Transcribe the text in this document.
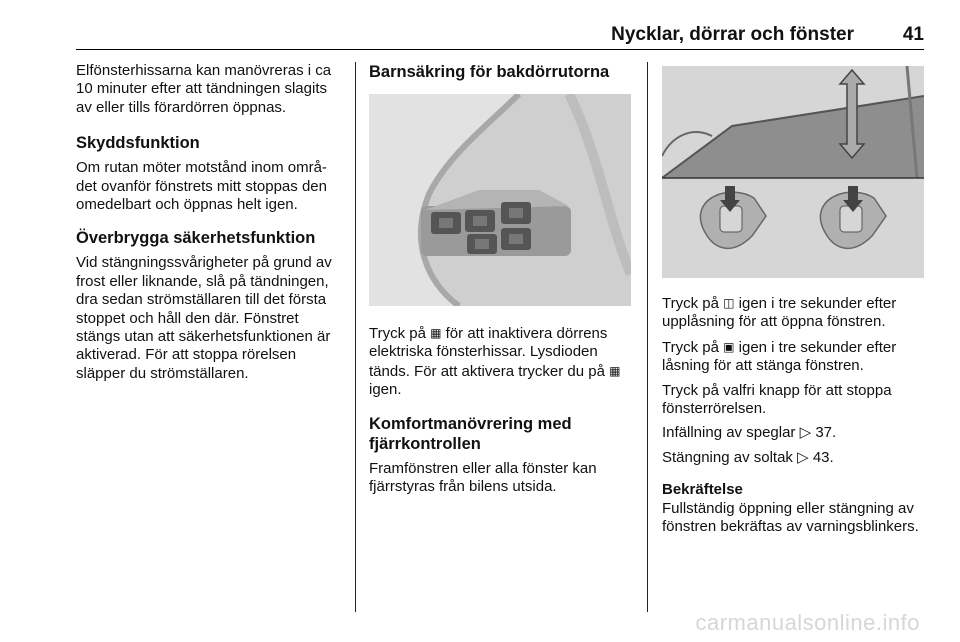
Nycklar, dörrar och fönster	41

Elfönsterhissarna kan manövreras i ca 10 minuter efter att tändningen slagits av eller tills förardörren öppnas.

Skyddsfunktion

Om rutan möter motstånd inom området ovanför fönstrets mitt stoppas den omedelbart och öppnas helt igen.

Överbrygga säkerhetsfunktion

Vid stängningssvårigheter på grund av frost eller liknande, slå på tändningen, dra sedan strömställaren till det första stoppet och håll den där. Fönstret stängs utan att säkerhetsfunktionen är aktiverad. För att stoppa rörelsen släpper du strömställaren.

Barnsäkring för bakdörrutorna

Tryck på ▦ för att inaktivera dörrens elektriska fönsterhissar. Lysdioden tänds. För att aktivera trycker du på ▦ igen.

Komfortmanövrering med fjärrkontrollen

Framfönstren eller alla fönster kan fjärrstyras från bilens utsida.

Tryck på ◫ igen i tre sekunder efter upplåsning för att öppna fönstren.

Tryck på ▣ igen i tre sekunder efter låsning för att stänga fönstren.

Tryck på valfri knapp för att stoppa fönsterrörelsen.

Infällning av speglar ▷ 37.

Stängning av soltak ▷ 43.

Bekräftelse

Fullständig öppning eller stängning av fönstren bekräftas av varningsblinkers.

carmanualsonline.info
